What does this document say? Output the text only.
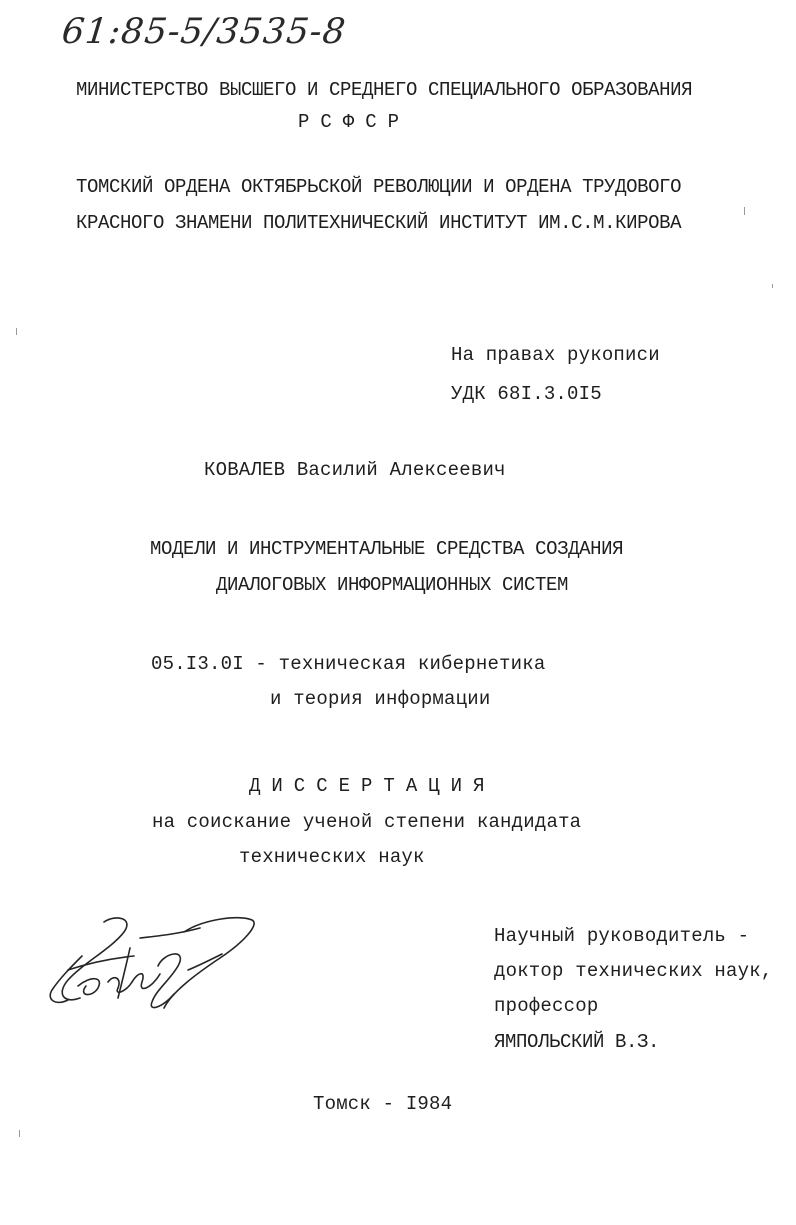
61:85-5/3535-8
МИНИСТЕРСТВО ВЫСШЕГО И СРЕДНЕГО СПЕЦИАЛЬНОГО ОБРАЗОВАНИЯ
РСФСР
ТОМСКИЙ ОРДЕНА ОКТЯБРЬСКОЙ РЕВОЛЮЦИИ И ОРДЕНА ТРУДОВОГО
КРАСНОГО ЗНАМЕНИ ПОЛИТЕХНИЧЕСКИЙ ИНСТИТУТ ИМ.С.М.КИРОВА
На правах рукописи
УДК 68I.3.0I5
КОВАЛЕВ Василий Алексеевич
МОДЕЛИ И ИНСТРУМЕНТАЛЬНЫЕ СРЕДСТВА СОЗДАНИЯ
ДИАЛОГОВЫХ ИНФОРМАЦИОННЫХ СИСТЕМ
05.I3.0I - техническая кибернетика
и теория информации
ДИССЕРТАЦИЯ
на соискание ученой степени кандидата
технических наук
Научный руководитель -
доктор технических наук,
профессор
ЯМПОЛЬСКИЙ В.З.
Томск - I984
